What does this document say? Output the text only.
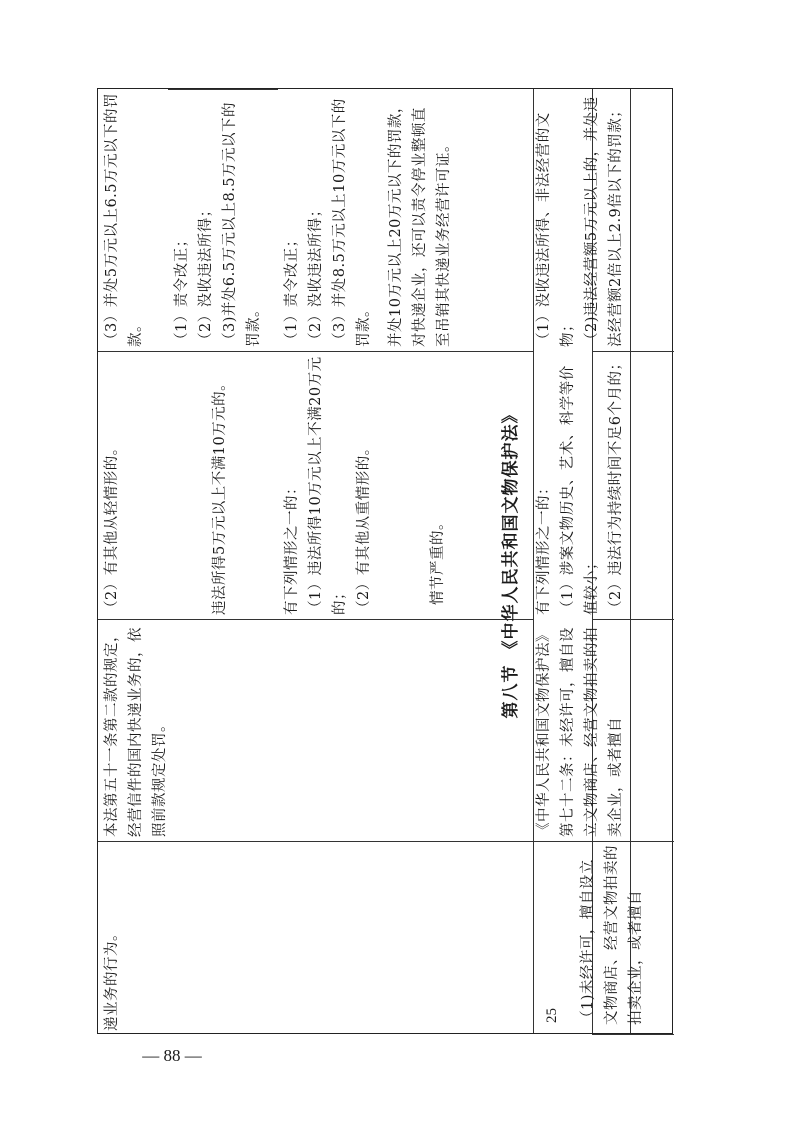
递业务的行为。
本法第五十一条第二款的规定，经营信件的国内快递业务的，依照前款规定处罚。
（2）有其他从轻情形的。
（3）并处5万元以上6.5万元以下的罚款。
违法所得5万元以上不满10万元的。
（1）责令改正；
（2）没收违法所得；
（3)并处6.5万元以上8.5万元以下的罚款。
有下列情形之一的：
（1）违法所得10万元以上不满20万元的；
（2）有其他从重情形的。
（1）责令改正；
（2）没收违法所得；
（3）并处8.5万元以上10万元以下的罚款。
情节严重的。
并处10万元以上20万元以下的罚款，对快递企业，还可以责令停业整顿直至吊销其快递业务经营许可证。
第八节 《中华人民共和国文物保护法》
25	（1)未经许可，擅自设立文物商店、经营文物拍卖的拍卖企业，或者擅自
《中华人民共和国文物保护法》第七十二条：未经许可，擅自设立文物商店、经营文物拍卖的拍卖企业，或者擅自
有下列情形之一的：
（1）涉案文物历史、艺术、科学等价值较小；
（2）违法行为持续时间不足6个月的；
（1）没收违法所得、非法经营的文物；
（2)违法经营额5万元以上的，并处违法经营额2倍以上2.9倍以下的罚款；
— 88 —
